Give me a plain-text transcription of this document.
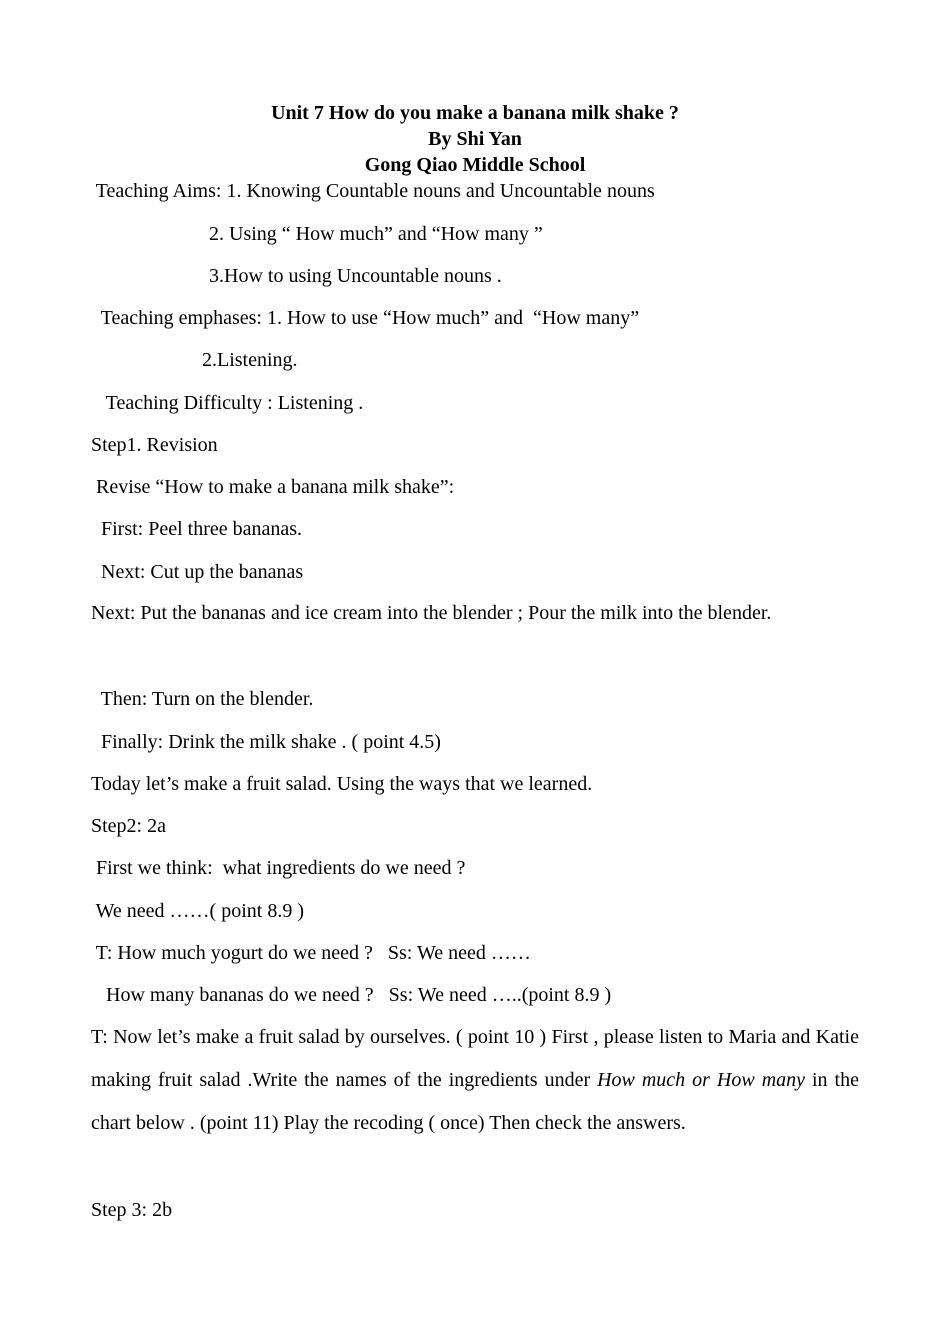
Unit 7 How do you make a banana milk shake ?
By Shi Yan
Gong Qiao Middle School
Teaching Aims: 1. Knowing Countable nouns and Uncountable nouns
2. Using “ How much” and “How many ”
3.How to using Uncountable nouns .
Teaching emphases: 1. How to use “How much” and  “How many”
2.Listening.
Teaching Difficulty : Listening .
Step1. Revision
Revise “How to make a banana milk shake”:
First: Peel three bananas.
Next: Cut up the bananas
Next: Put the bananas and ice cream into the blender ; Pour the milk into the blender.
Then: Turn on the blender.
Finally: Drink the milk shake . ( point 4.5)
Today let’s make a fruit salad. Using the ways that we learned.
Step2: 2a
First we think:  what ingredients do we need ?
We need ……( point 8.9 )
T: How much yogurt do we need ?   Ss: We need ……
How many bananas do we need ?   Ss: We need …..(point 8.9 )
T: Now let’s make a fruit salad by ourselves. ( point 10 ) First , please listen to Maria and Katie making fruit salad .Write the names of the ingredients under How much or How many in the chart below . (point 11) Play the recoding ( once) Then check the answers.
Step 3: 2b
